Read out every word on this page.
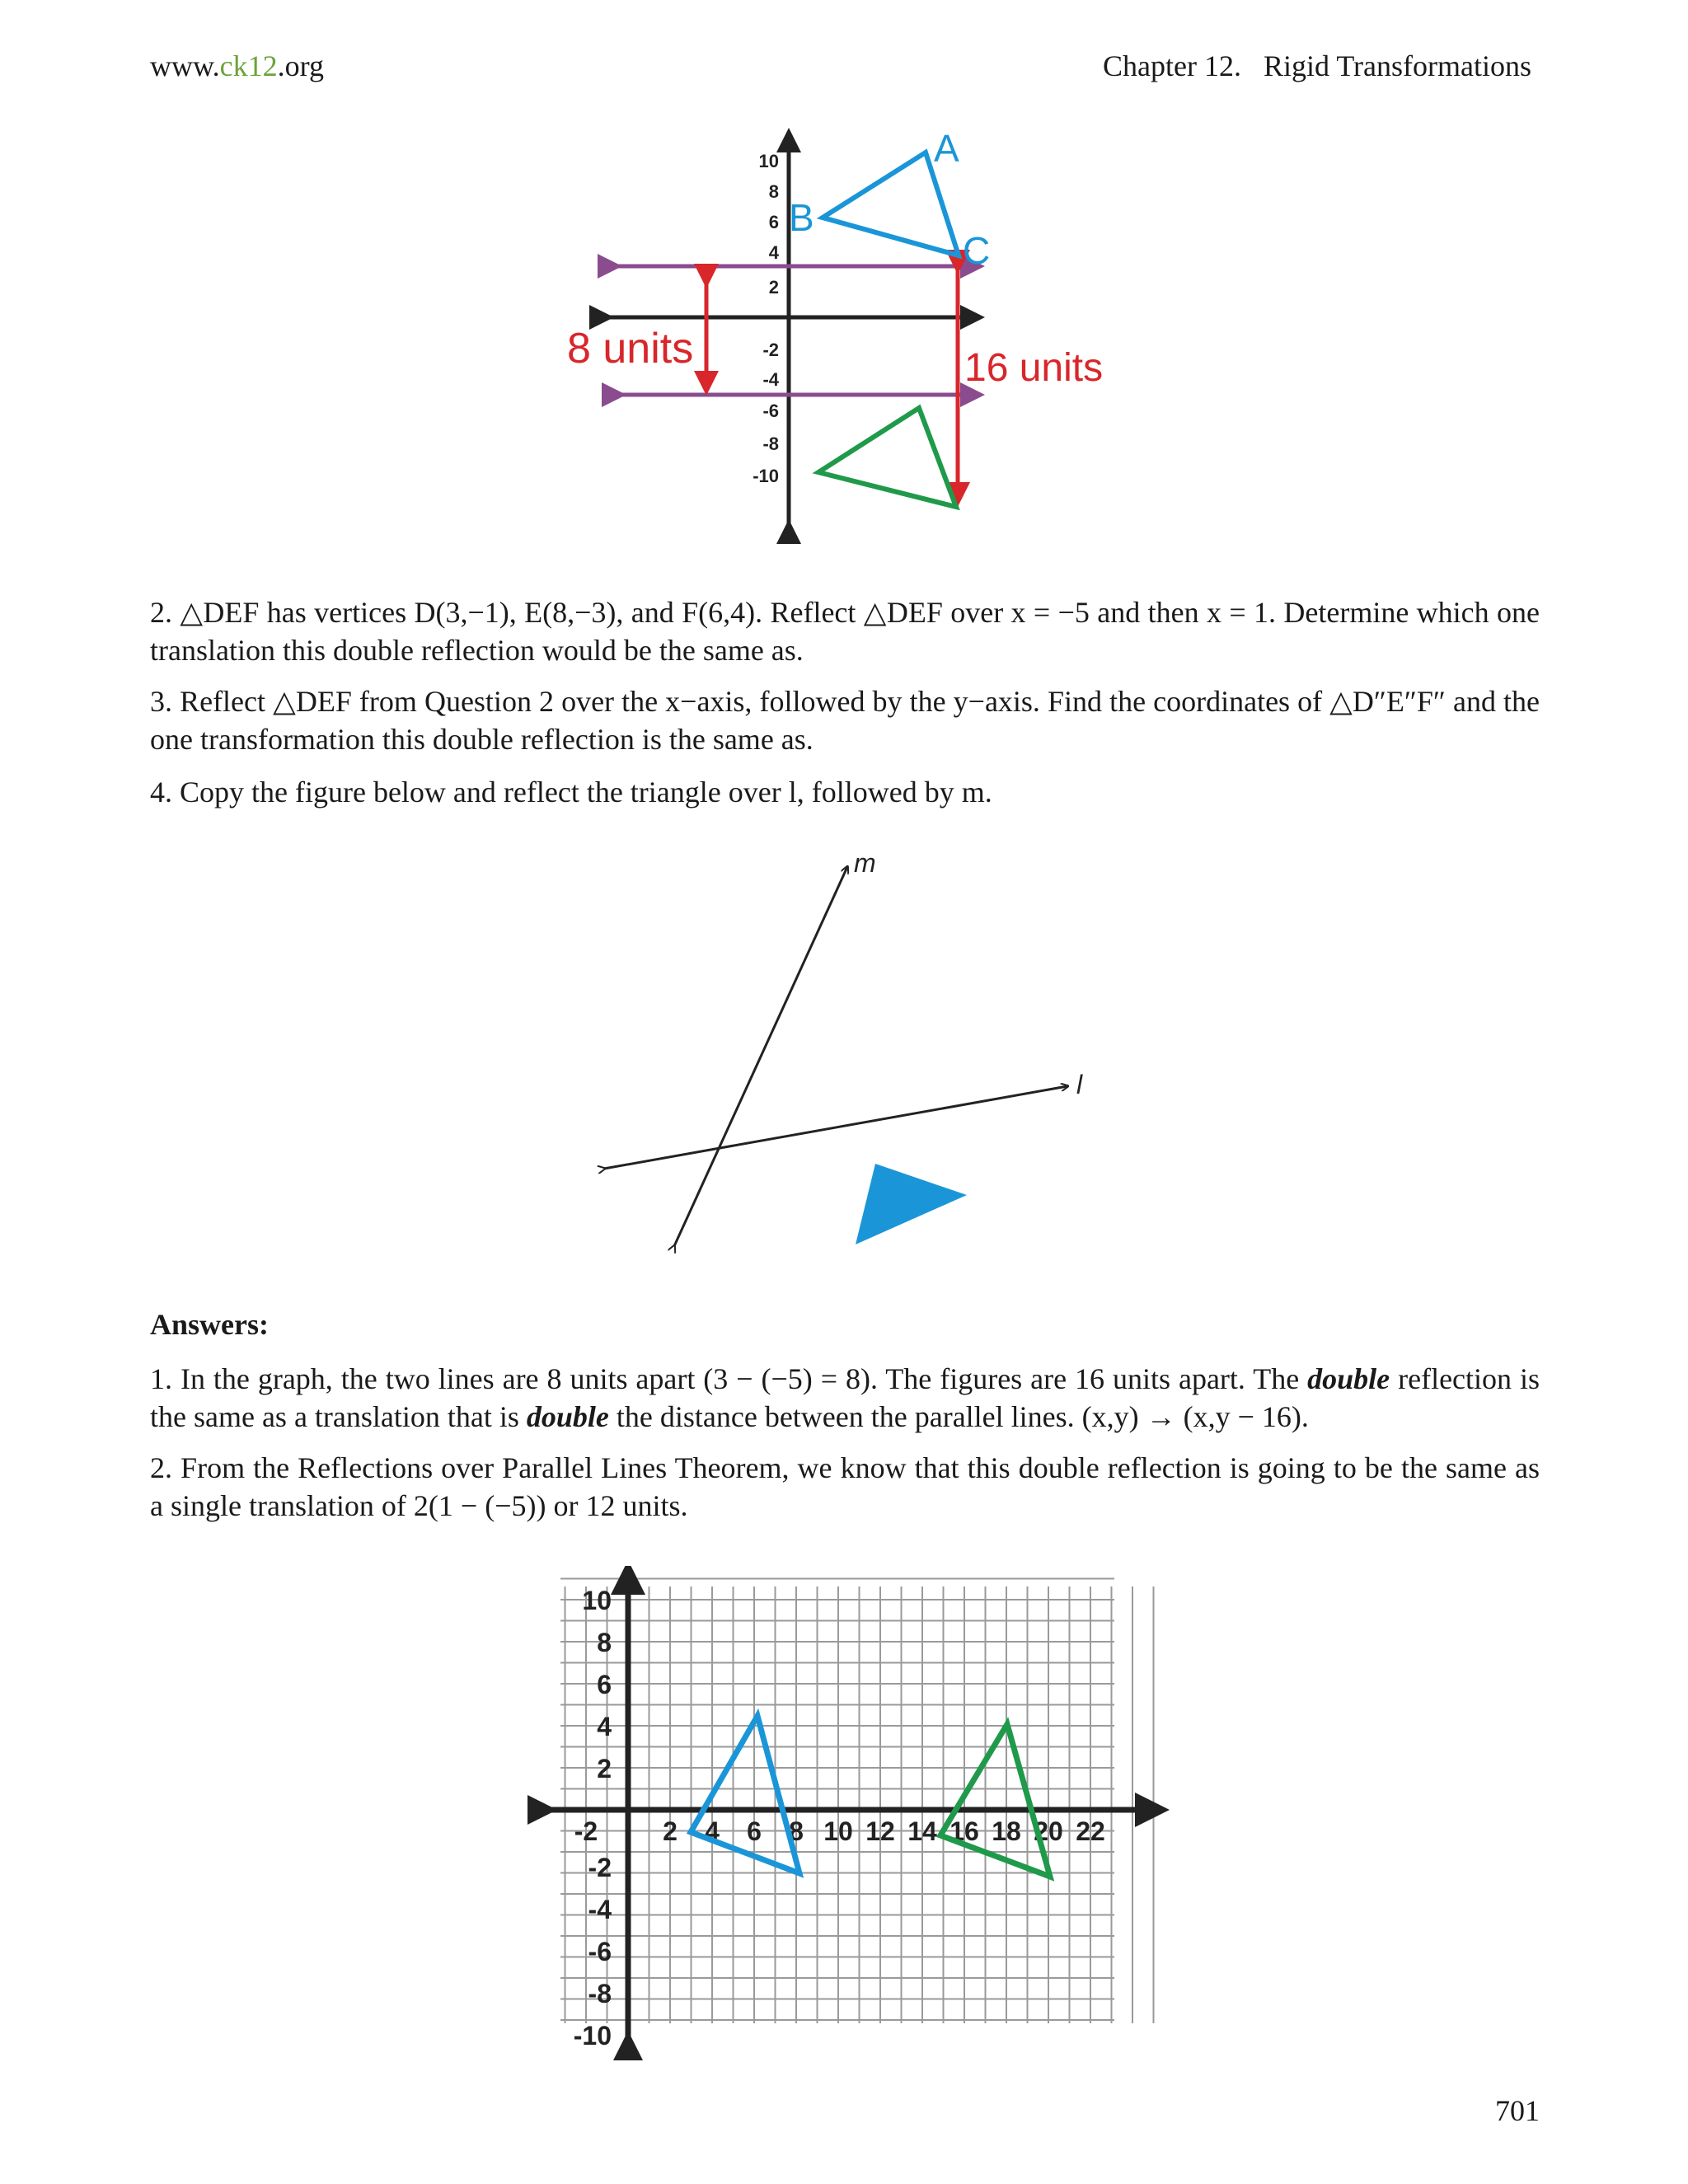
www.ck12.org	Chapter 12.   Rigid Transformations
10
8
6
4
2
-2
-4
-6
-8
-10
8 units	16 units
A
B
C
2. △DEF has vertices D(3,−1), E(8,−3), and F(6,4). Reflect △DEF over x = −5 and then x = 1. Determine which one translation this double reflection would be the same as.
3. Reflect △DEF from Question 2 over the x−axis, followed by the y−axis. Find the coordinates of △D″E″F″ and the one transformation this double reflection is the same as.
4. Copy the figure below and reflect the triangle over l, followed by m.
m
l
Answers:
1. In the graph, the two lines are 8 units apart (3 − (−5) = 8). The figures are 16 units apart. The double reflection is the same as a translation that is double the distance between the parallel lines. (x,y) → (x,y − 16).
2. From the Reflections over Parallel Lines Theorem, we know that this double reflection is going to be the same as a single translation of 2(1 − (−5)) or 12 units.
-2 2 4 6 8 10 12 14 16 18 20 22
10
8
6
4
2
-2
-4
-6
-8
-10
701
